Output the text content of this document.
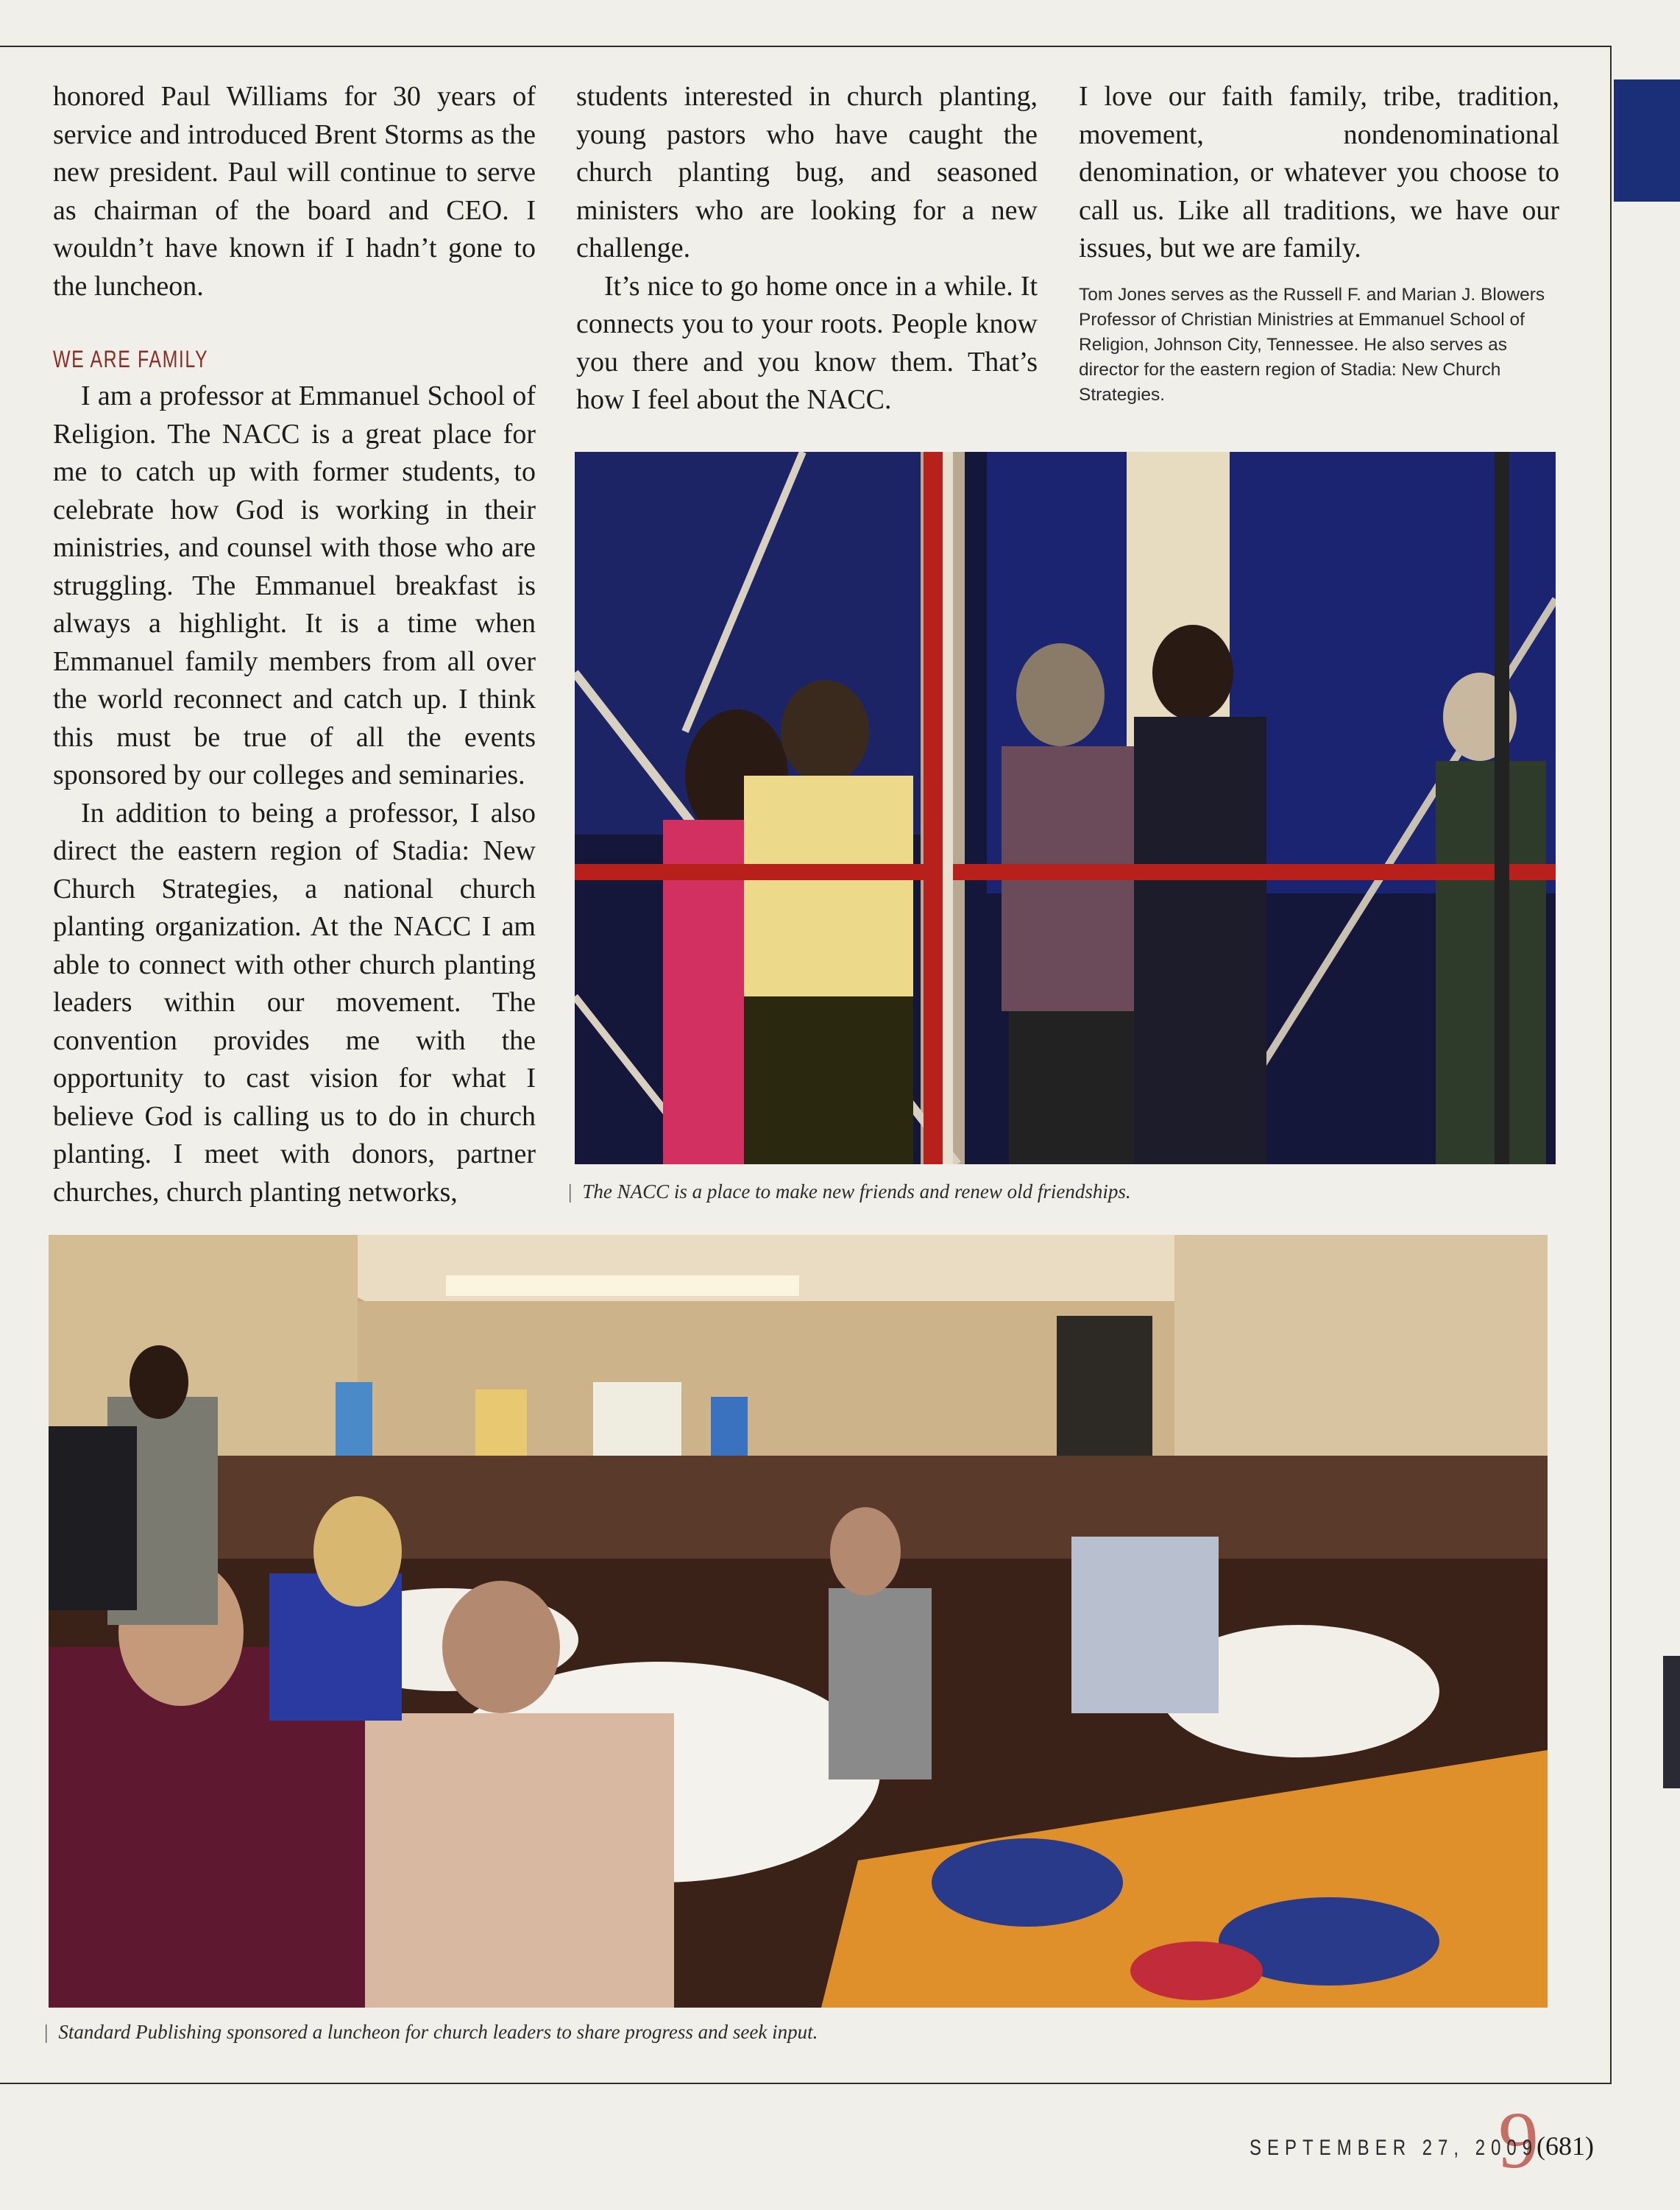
honored Paul Williams for 30 years of service and introduced Brent Storms as the new president. Paul will continue to serve as chairman of the board and CEO. I wouldn’t have known if I hadn’t gone to the luncheon.

WE ARE FAMILY

I am a professor at Emmanuel School of Religion. The NACC is a great place for me to catch up with former students, to celebrate how God is working in their ministries, and counsel with those who are struggling. The Emmanuel breakfast is always a highlight. It is a time when Emmanuel family members from all over the world reconnect and catch up. I think this must be true of all the events sponsored by our colleges and seminaries.

In addition to being a professor, I also direct the eastern region of Stadia: New Church Strategies, a national church planting organization. At the NACC I am able to connect with other church planting leaders within our movement. The convention provides me with the opportunity to cast vision for what I believe God is calling us to do in church planting. I meet with donors, partner churches, church planting networks,

students interested in church planting, young pastors who have caught the church planting bug, and seasoned ministers who are looking for a new challenge.

It’s nice to go home once in a while. It connects you to your roots. People know you there and you know them. That’s how I feel about the NACC.

I love our faith family, tribe, tradition, movement, nondenominational denomination, or whatever you choose to call us. Like all traditions, we have our issues, but we are family.

Tom Jones serves as the Russell F. and Marian J. Blowers Professor of Christian Ministries at Emmanuel School of Religion, Johnson City, Tennessee. He also serves as director for the eastern region of Stadia: New Church Strategies.
| The NACC is a place to make new friends and renew old friendships.
| Standard Publishing sponsored a luncheon for church leaders to share progress and seek input.
9
SEPTEMBER 27, 2009
(681)
